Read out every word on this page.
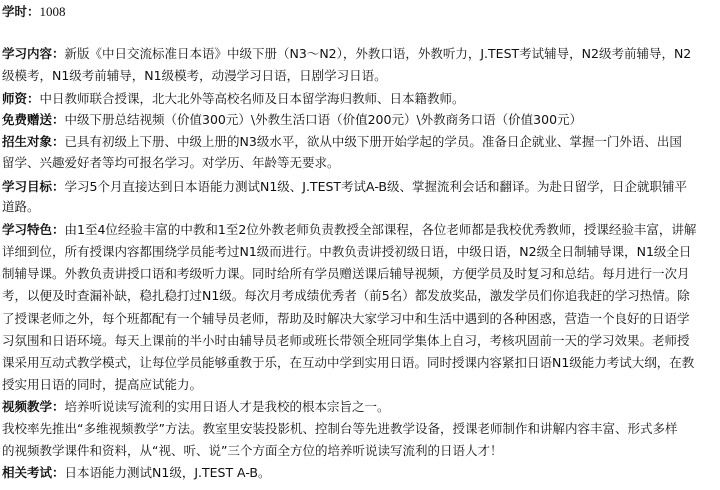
学时：1008
学习内容：新版《中日交流标准日本语》中级下册（N3～N2），外教口语，外教听力，J.TEST考试辅导，N2级考前辅导，N2
级模考，N1级考前辅导，N1级模考，动漫学习日语，日剧学习日语。
师资：中日教师联合授课，北大北外等高校名师及日本留学海归教师、日本籍教师。
免费赠送：中级下册总结视频（价值300元）\外教生活口语（价值200元）\外教商务口语（价值300元）
招生对象：已具有初级上下册、中级上册的N3级水平，欲从中级下册开始学起的学员。准备日企就业、掌握一门外语、出国
留学、兴趣爱好者等均可报名学习。对学历、年龄等无要求。
学习目标：学习5个月直接达到日本语能力测试N1级、J.TEST考试A-B级、掌握流利会话和翻译。为赴日留学，日企就职铺平
道路。
学习特色：由1至4位经验丰富的中教和1至2位外教老师负责教授全部课程，各位老师都是我校优秀教师，授课经验丰富，讲解
详细到位，所有授课内容都围绕学员能考过N1级而进行。中教负责讲授初级日语，中级日语，N2级全日制辅导课，N1级全日
制辅导课。外教负责讲授口语和考级听力课。同时给所有学员赠送课后辅导视频，方便学员及时复习和总结。每月进行一次月
考，以便及时查漏补缺，稳扎稳打过N1级。每次月考成绩优秀者（前5名）都发放奖品，激发学员们你追我赶的学习热情。除
了授课老师之外，每个班都配有一个辅导员老师，帮助及时解决大家学习中和生活中遇到的各种困惑，营造一个良好的日语学
习氛围和日语环境。每天上课前的半小时由辅导员老师或班长带领全班同学集体上自习，考核巩固前一天的学习效果。老师授
课采用互动式教学模式，让每位学员能够重教于乐，在互动中学到实用日语。同时授课内容紧扣日语N1级能力考试大纲，在教
授实用日语的同时，提高应试能力。
视频教学：培养听说读写流利的实用日语人才是我校的根本宗旨之一。
我校率先推出“多维视频教学”方法。教室里安装投影机、控制台等先进教学设备，授课老师制作和讲解内容丰富、形式多样
的视频教学课件和资料，从“视、听、说”三个方面全方位的培养听说读写流利的日语人才！
相关考试：日本语能力测试N1级，J.TEST A-B。
